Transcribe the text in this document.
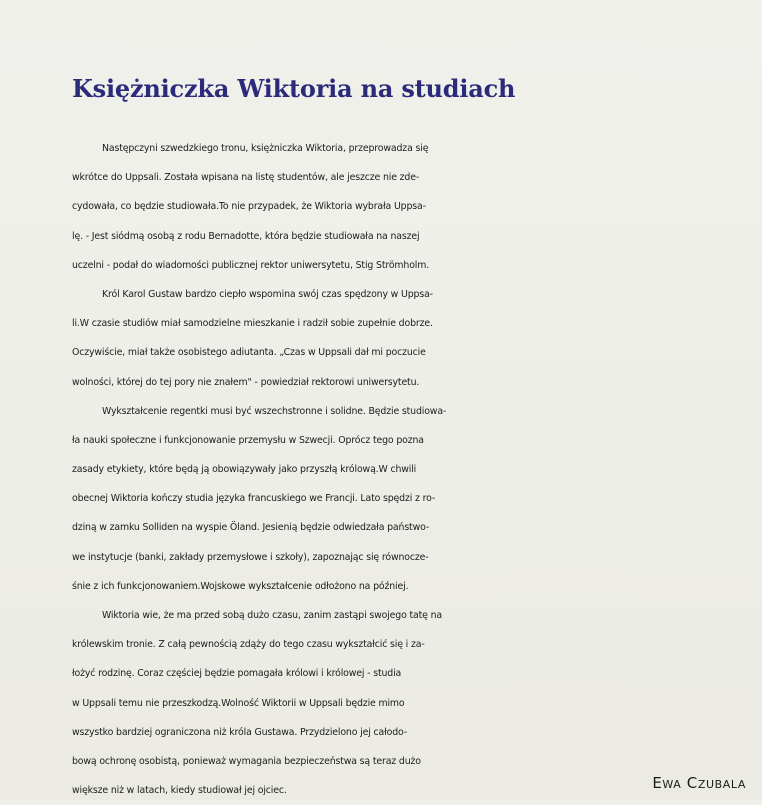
Księżniczka Wiktoria na studiach

Następczyni szwedzkiego tronu, księżniczka Wiktoria, przeprowadza się
wkrótce do Uppsali. Została wpisana na listę studentów, ale jeszcze nie zde-
cydowała, co będzie studiowała.To nie przypadek, że Wiktoria wybrała Uppsa-
lę. - Jest siódmą osobą z rodu Bernadotte, która będzie studiowała na naszej
uczelni - podał do wiadomości publicznej rektor uniwersytetu, Stig Strömholm.

Król Karol Gustaw bardzo ciepło wspomina swój czas spędzony w Uppsa-
li.W czasie studiów miał samodzielne mieszkanie i radził sobie zupełnie dobrze.
Oczywiście, miał także osobistego adiutanta. „Czas w Uppsali dał mi poczucie
wolności, której do tej pory nie znałem" - powiedział rektorowi uniwersytetu.

Wykształcenie regentki musi być wszechstronne i solidne. Będzie studiowa-
ła nauki społeczne i funkcjonowanie przemysłu w Szwecji. Oprócz tego pozna
zasady etykiety, które będą ją obowiązywały jako przyszłą królową.W chwili
obecnej Wiktoria kończy studia języka francuskiego we Francji. Lato spędzi z ro-
dziną w zamku Solliden na wyspie Öland. Jesienią będzie odwiedzała państwo-
we instytucje (banki, zakłady przemysłowe i szkoły), zapoznając się równocze-
śnie z ich funkcjonowaniem.Wojskowe wykształcenie odłożono na później.

Wiktoria wie, że ma przed sobą dużo czasu, zanim zastąpi swojego tatę na
królewskim tronie. Z całą pewnością zdąży do tego czasu wykształcić się i za-
łożyć rodzinę. Coraz częściej będzie pomagała królowi i królowej - studia
w Uppsali temu nie przeszkodzą.Wolność Wiktorii w Uppsali będzie mimo
wszystko bardziej ograniczona niż króla Gustawa. Przydzielono jej całodo-
bową ochronę osobistą, ponieważ wymagania bezpieczeństwa są teraz dużo
większe niż w latach, kiedy studiował jej ojciec.	Ewa Czubala
